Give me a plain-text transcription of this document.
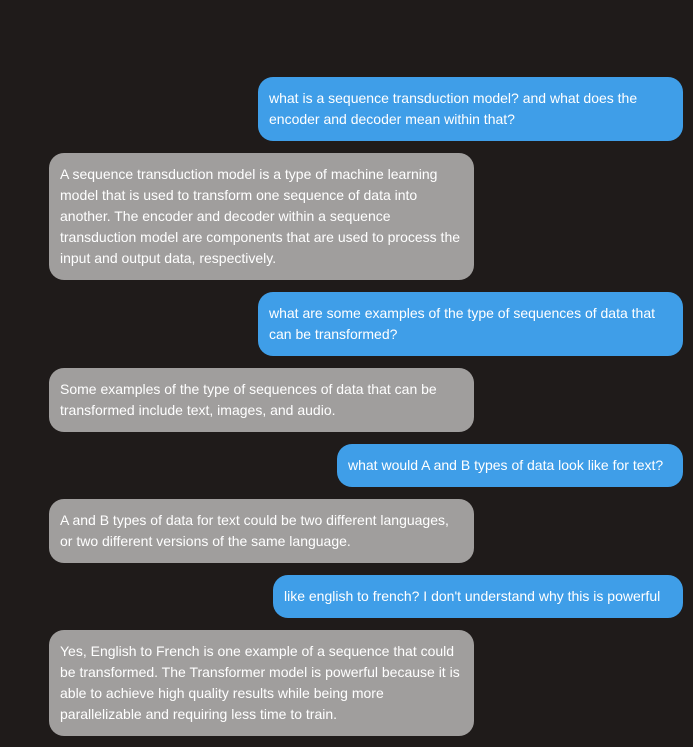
what is a sequence transduction model? and what does the encoder and decoder mean within that?
A sequence transduction model is a type of machine learning model that is used to transform one sequence of data into another. The encoder and decoder within a sequence transduction model are components that are used to process the input and output data, respectively.
what are some examples of the type of sequences of data that can be transformed?
Some examples of the type of sequences of data that can be transformed include text, images, and audio.
what would A and B types of data look like for text?
A and B types of data for text could be two different languages, or two different versions of the same language.
like english to french? I don't understand why this is powerful
Yes, English to French is one example of a sequence that could be transformed. The Transformer model is powerful because it is able to achieve high quality results while being more parallelizable and requiring less time to train.
